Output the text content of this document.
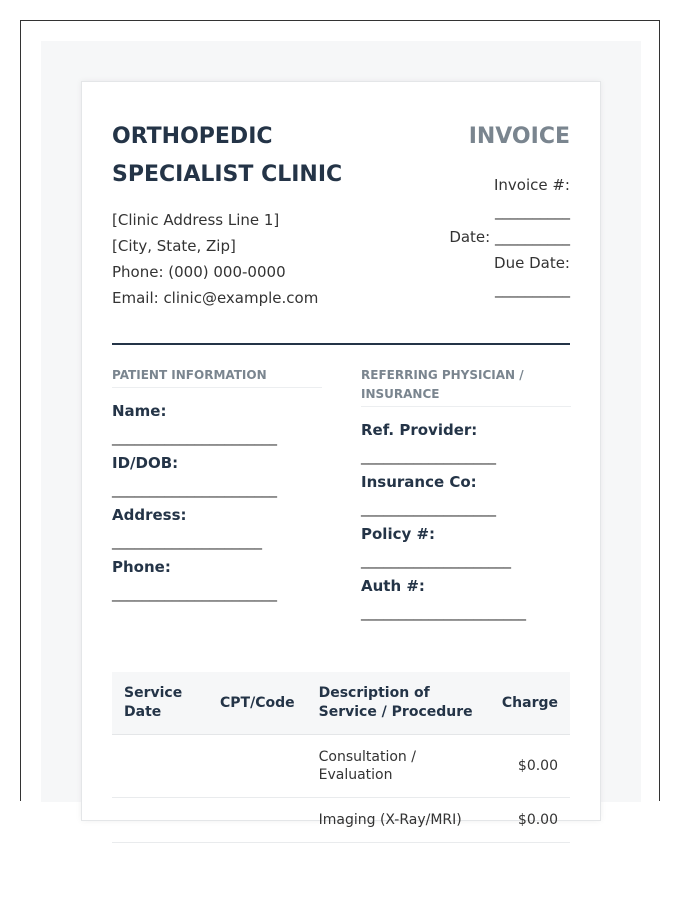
ORTHOPEDIC SPECIALIST CLINIC
[Clinic Address Line 1]
[City, State, Zip]
Phone: (000) 000-0000
Email: clinic@example.com
INVOICE
Invoice #:
__________
Date: __________
Due Date:
__________
PATIENT INFORMATION
Name:
______________________
ID/DOB:
______________________
Address:
____________________
Phone:
______________________
REFERRING PHYSICIAN / INSURANCE
Ref. Provider:
__________________
Insurance Co:
__________________
Policy #:
____________________
Auth #:
______________________
Service Date	CPT/Code	Description of Service / Procedure	Charge
		Consultation / Evaluation	$0.00
		Imaging (X-Ray/MRI)	$0.00
